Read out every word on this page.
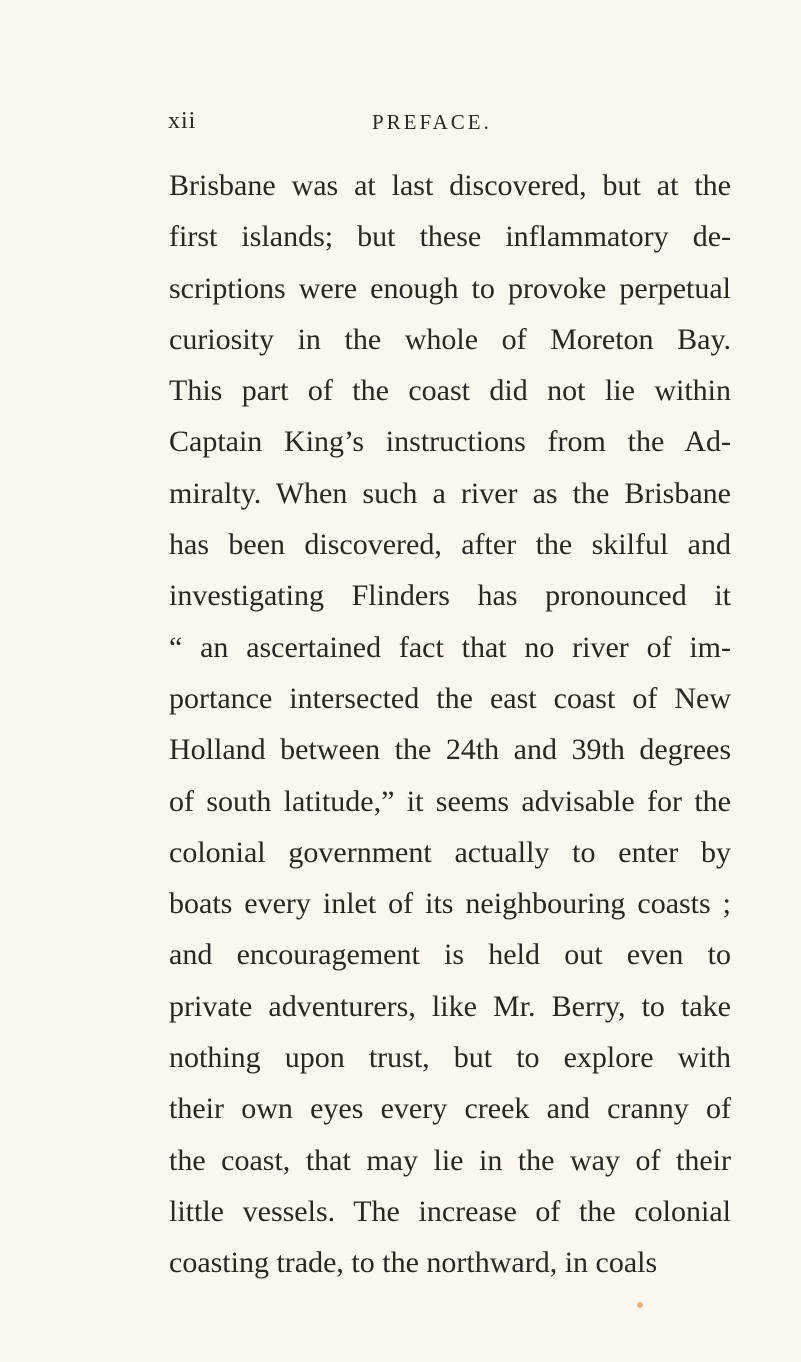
xii	PREFACE.
Brisbane was at last discovered, but at the
first islands; but these inflammatory de-
scriptions were enough to provoke perpetual
curiosity in the whole of Moreton Bay.
This part of the coast did not lie within
Captain King’s instructions from the Ad-
miralty. When such a river as the Brisbane
has been discovered, after the skilful and
investigating Flinders has pronounced it
“ an ascertained fact that no river of im-
portance intersected the east coast of New
Holland between the 24th and 39th degrees
of south latitude,” it seems advisable for the
colonial government actually to enter by
boats every inlet of its neighbouring coasts ;
and encouragement is held out even to
private adventurers, like Mr. Berry, to take
nothing upon trust, but to explore with
their own eyes every creek and cranny of
the coast, that may lie in the way of their
little vessels. The increase of the colonial
coasting trade, to the northward, in coals
